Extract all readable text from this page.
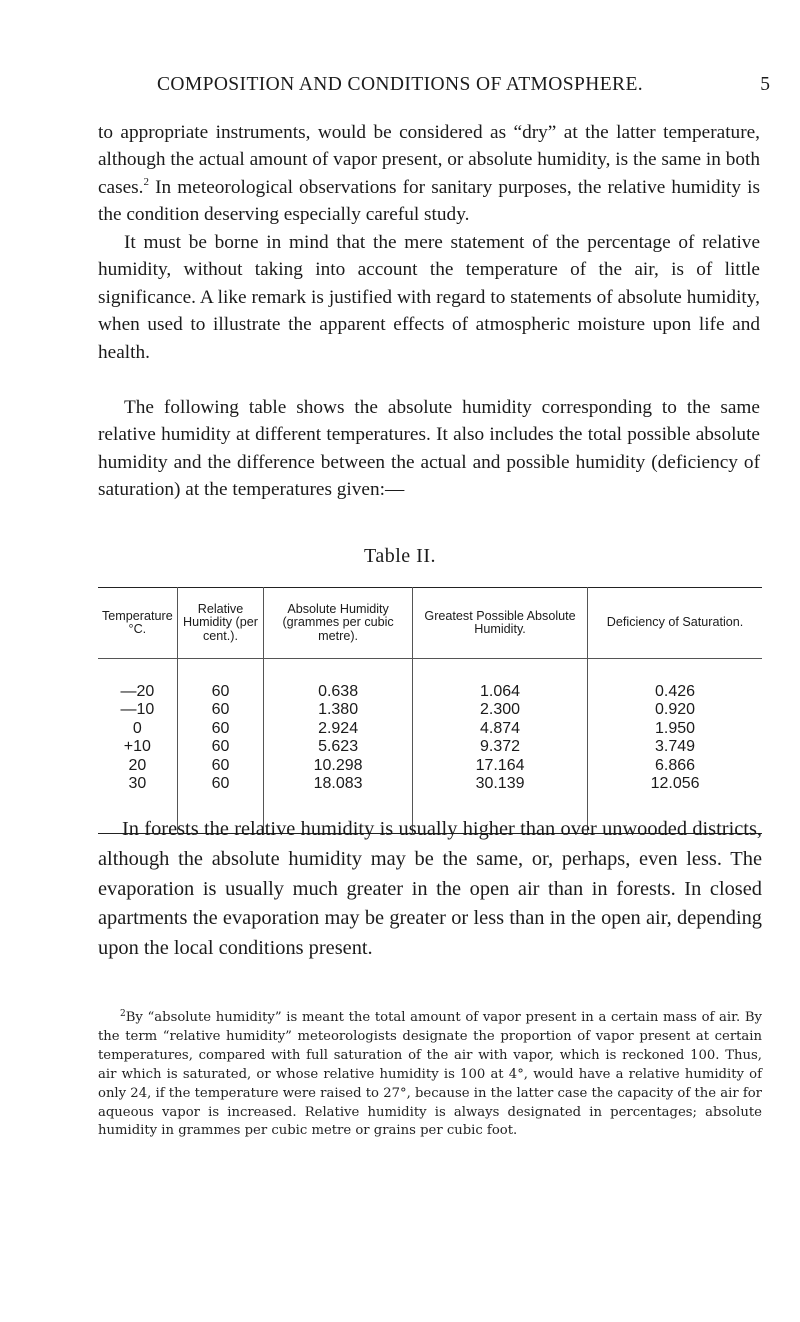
COMPOSITION AND CONDITIONS OF ATMOSPHERE.	5

to appropriate instruments, would be considered as “dry” at the latter temperature, although the actual amount of vapor present, or absolute humidity, is the same in both cases.$^2$ In meteorological observations for sanitary purposes, the relative humidity is the condition deserving especially careful study.

It must be borne in mind that the mere statement of the percentage of relative humidity, without taking into account the temperature of the air, is of little significance. A like remark is justified with regard to statements of absolute humidity, when used to illustrate the apparent effects of atmospheric moisture upon life and health.

The following table shows the absolute humidity corresponding to the same relative humidity at different temperatures. It also includes the total possible absolute humidity and the difference between the actual and possible humidity (deficiency of saturation) at the temperatures given:—

Table II.
Temperature °C.	Relative Humidity (per cent.).	Absolute Humidity (grammes per cubic metre).	Greatest Possible Absolute Humidity.	Deficiency of Saturation.
—20	60	0.638	1.064	0.426
—10	60	1.380	2.300	0.920
0	60	2.924	4.874	1.950
+10	60	5.623	9.372	3.749
20	60	10.298	17.164	6.866
30	60	18.083	30.139	12.056

In forests the relative humidity is usually higher than over unwooded districts, although the absolute humidity may be the same, or, perhaps, even less. The evaporation is usually much greater in the open air than in forests. In closed apartments the evaporation may be greater or less than in the open air, depending upon the local conditions present.

$^2$By “absolute humidity” is meant the total amount of vapor present in a certain mass of air. By the term “relative humidity” meteorologists designate the proportion of vapor present at certain temperatures, compared with full saturation of the air with vapor, which is reckoned 100. Thus, air which is saturated, or whose relative humidity is 100 at 4°, would have a relative humidity of only 24, if the temperature were raised to 27°, because in the latter case the capacity of the air for aqueous vapor is increased. Relative humidity is always designated in percentages; absolute humidity in grammes per cubic metre or grains per cubic foot.
